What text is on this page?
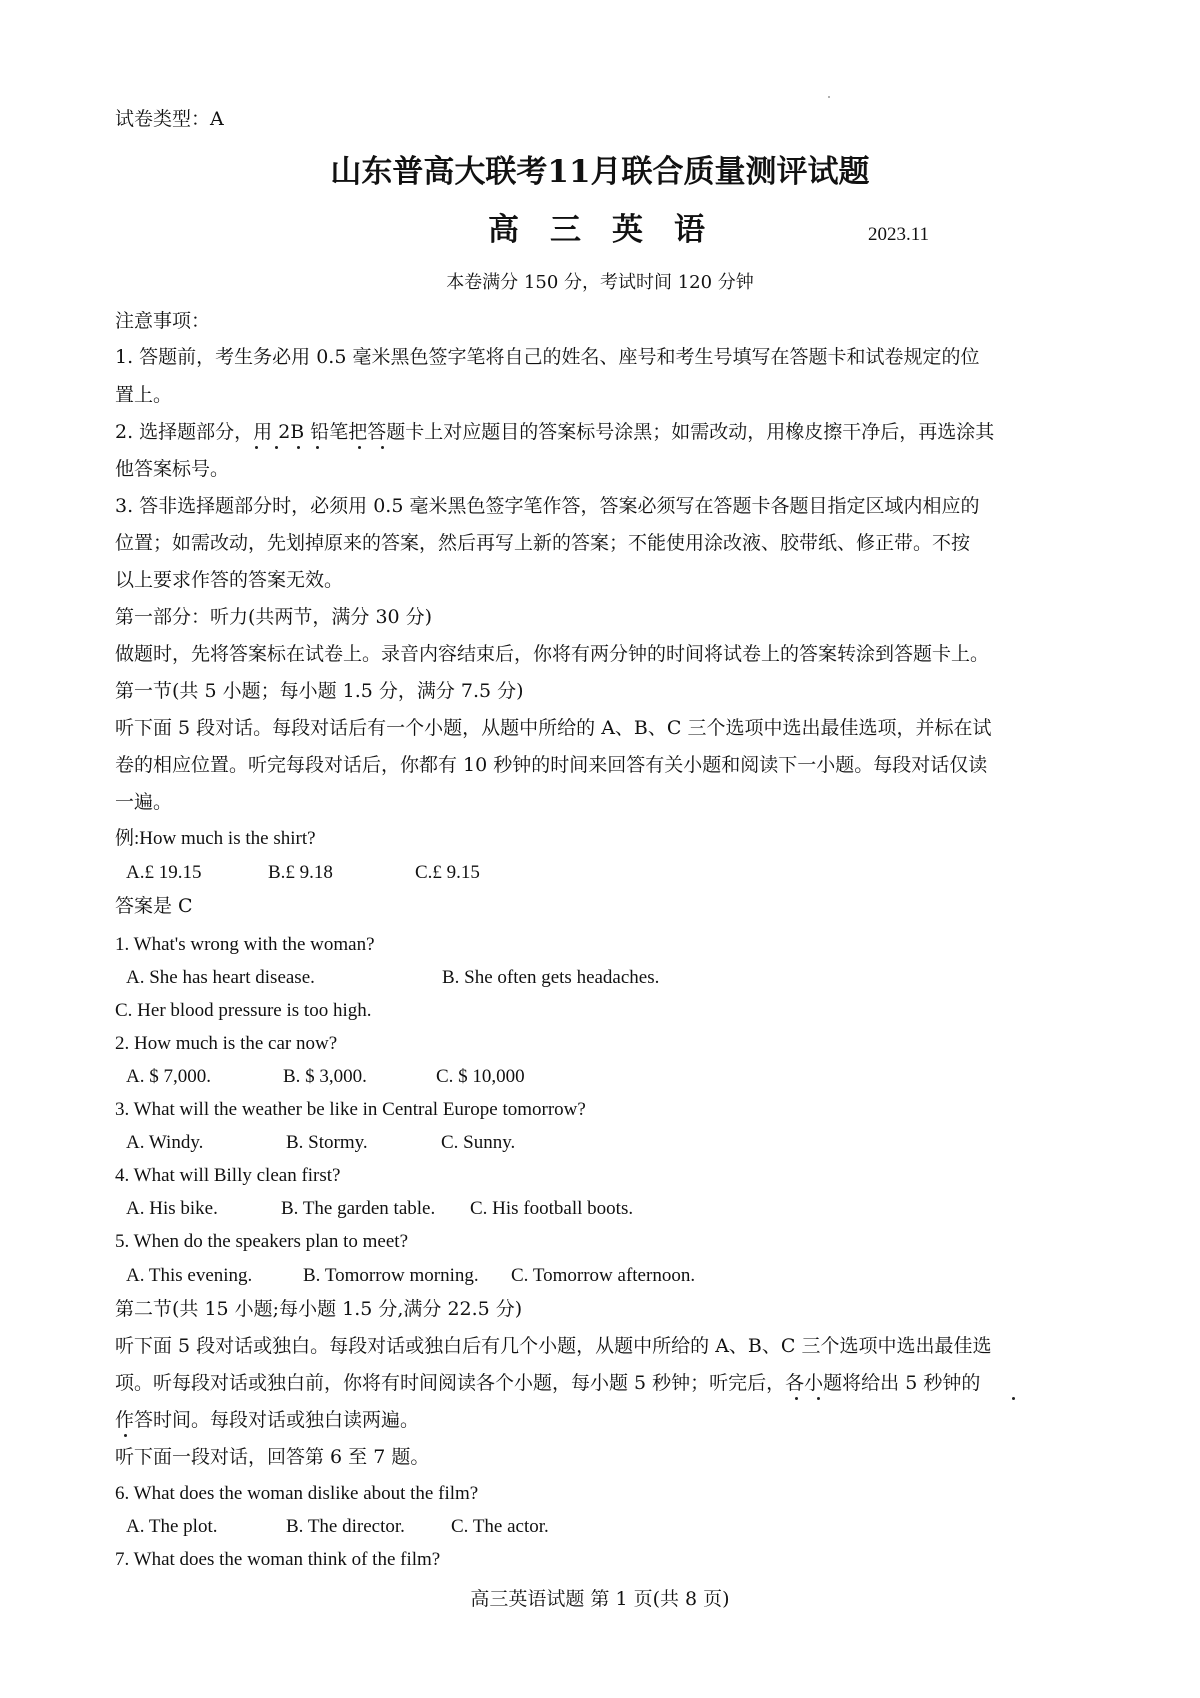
试卷类型：A
山东普高大联考11月联合质量测评试题
高　三　英　语	2023.11
本卷满分 150 分，考试时间 120 分钟
注意事项：
1. 答题前，考生务必用 0.5 毫米黑色签字笔将自己的姓名、座号和考生号填写在答题卡和试卷规定的位
置上。
2. 选择题部分，用 2B 铅笔把答题卡上对应题目的答案标号涂黑；如需改动，用橡皮擦干净后，再选涂其
他答案标号。
3. 答非选择题部分时，必须用 0.5 毫米黑色签字笔作答，答案必须写在答题卡各题目指定区域内相应的
位置；如需改动，先划掉原来的答案，然后再写上新的答案；不能使用涂改液、胶带纸、修正带。不按
以上要求作答的答案无效。
第一部分：听力(共两节，满分 30 分)
做题时，先将答案标在试卷上。录音内容结束后，你将有两分钟的时间将试卷上的答案转涂到答题卡上。
第一节(共 5 小题；每小题 1.5 分，满分 7.5 分)
听下面 5 段对话。每段对话后有一个小题，从题中所给的 A、B、C 三个选项中选出最佳选项，并标在试
卷的相应位置。听完每段对话后，你都有 10 秒钟的时间来回答有关小题和阅读下一小题。每段对话仅读
一遍。
例:How much is the shirt?
A.£ 19.15	B.£ 9.18	C.£ 9.15
答案是 C
1. What's wrong with the woman?
A. She has heart disease.	B. She often gets headaches.
C. Her blood pressure is too high.
2. How much is the car now?
A. $ 7,000.	B. $ 3,000.	C. $ 10,000
3. What will the weather be like in Central Europe tomorrow?
A. Windy.	B. Stormy.	C. Sunny.
4. What will Billy clean first?
A. His bike.	B. The garden table. C. His football boots.
5. When do the speakers plan to meet?
A. This evening.	B. Tomorrow morning. C. Tomorrow afternoon.
第二节(共 15 小题;每小题 1.5 分,满分 22.5 分)
听下面 5 段对话或独白。每段对话或独白后有几个小题，从题中所给的 A、B、C 三个选项中选出最佳选
项。听每段对话或独白前，你将有时间阅读各个小题，每小题 5 秒钟；听完后，各小题将给出 5 秒钟的
作答时间。每段对话或独白读两遍。
听下面一段对话，回答第 6 至 7 题。
6. What does the woman dislike about the film?
A. The plot.	B. The director. C. The actor.
7. What does the woman think of the film?
高三英语试题 第 1 页(共 8 页)
